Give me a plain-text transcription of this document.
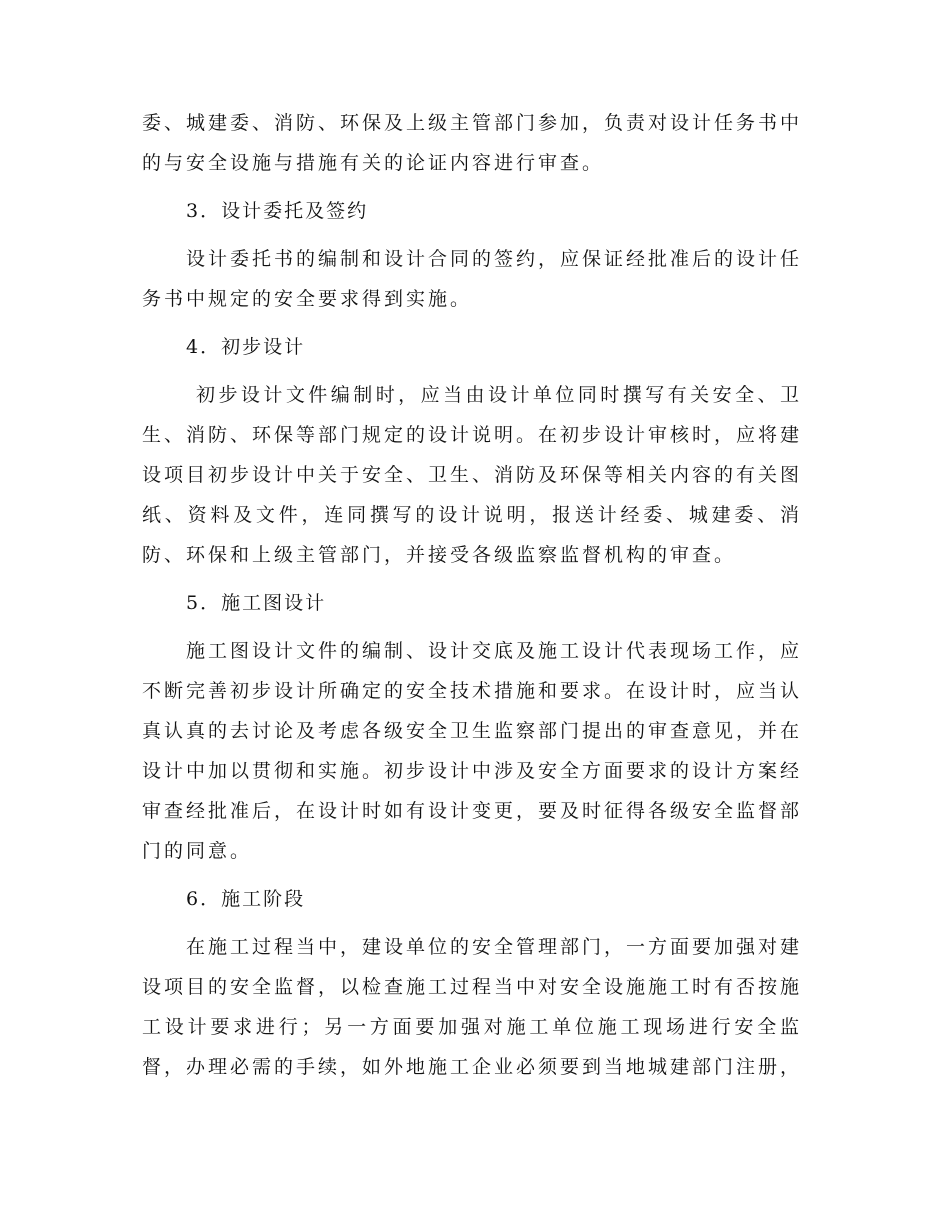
委、城建委、消防、环保及上级主管部门参加，负责对设计任务书中的与安全设施与措施有关的论证内容进行审查。

3．设计委托及签约

设计委托书的编制和设计合同的签约，应保证经批准后的设计任务书中规定的安全要求得到实施。

4．初步设计

初步设计文件编制时，应当由设计单位同时撰写有关安全、卫生、消防、环保等部门规定的设计说明。在初步设计审核时，应将建设项目初步设计中关于安全、卫生、消防及环保等相关内容的有关图纸、资料及文件，连同撰写的设计说明，报送计经委、城建委、消防、环保和上级主管部门，并接受各级监察监督机构的审查。

5．施工图设计

施工图设计文件的编制、设计交底及施工设计代表现场工作，应不断完善初步设计所确定的安全技术措施和要求。在设计时，应当认真认真的去讨论及考虑各级安全卫生监察部门提出的审查意见，并在设计中加以贯彻和实施。初步设计中涉及安全方面要求的设计方案经审查经批准后，在设计时如有设计变更，要及时征得各级安全监督部门的同意。

6．施工阶段

在施工过程当中，建设单位的安全管理部门，一方面要加强对建设项目的安全监督，以检查施工过程当中对安全设施施工时有否按施工设计要求进行；另一方面要加强对施工单位施工现场进行安全监督，办理必需的手续，如外地施工企业必须要到当地城建部门注册，
